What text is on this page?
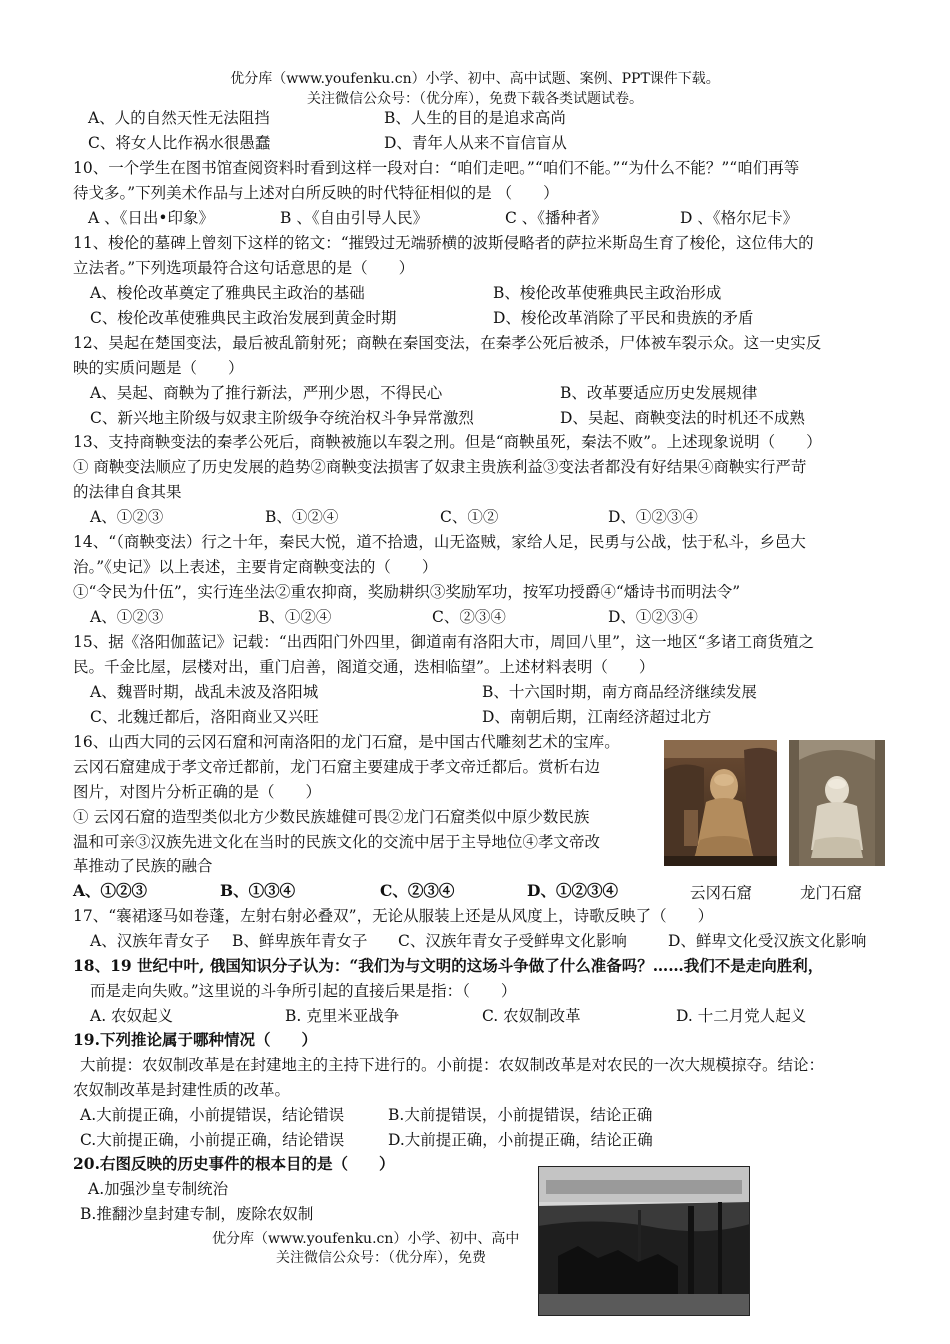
优分库（www.youfenku.cn）小学、初中、高中试题、案例、PPT课件下载。
关注微信公众号：（优分库），免费下载各类试题试卷。
A、人的自然天性无法阻挡	B、人生的目的是追求高尚
C、将女人比作祸水很愚蠢	D、青年人从来不盲信盲从
10、一个学生在图书馆查阅资料时看到这样一段对白：“咱们走吧。”“咱们不能。”“为什么不能？”“咱们再等
待戈多。”下列美术作品与上述对白所反映的时代特征相似的是 （　　）
A 、《日出•印象》	B 、《自由引导人民》	C 、《播种者》	D 、《格尔尼卡》
11、梭伦的墓碑上曾刻下这样的铭文：“摧毁过无端骄横的波斯侵略者的萨拉米斯岛生育了梭伦，这位伟大的
立法者。”下列选项最符合这句话意思的是（　　）
A、梭伦改革奠定了雅典民主政治的基础	B、梭伦改革使雅典民主政治形成
C、梭伦改革使雅典民主政治发展到黄金时期	D、梭伦改革消除了平民和贵族的矛盾
12、吴起在楚国变法，最后被乱箭射死；商鞅在秦国变法，在秦孝公死后被杀，尸体被车裂示众。这一史实反
映的实质问题是（　　）
A、吴起、商鞅为了推行新法，严刑少恩，不得民心	B、改革要适应历史发展规律
C、新兴地主阶级与奴隶主阶级争夺统治权斗争异常激烈	D、吴起、商鞅变法的时机还不成熟
13、支持商鞅变法的秦孝公死后，商鞅被施以车裂之刑。但是“商鞅虽死，秦法不败”。上述现象说明（　　）
① 商鞅变法顺应了历史发展的趋势②商鞅变法损害了奴隶主贵族利益③变法者都没有好结果④商鞅实行严苛
的法律自食其果
A、①②③	B、①②④	C、①②	D、①②③④
14、“（商鞅变法）行之十年，秦民大悦，道不拾遗，山无盗贼，家给人足，民勇与公战，怯于私斗，乡邑大
治。”《史记》以上表述，主要肯定商鞅变法的（　　）
①“令民为什伍”，实行连坐法②重农抑商，奖励耕织③奖励军功，按军功授爵④“燔诗书而明法令”
A、①②③	B、①②④	C、②③④	D、①②③④
15、据《洛阳伽蓝记》记载：“出西阳门外四里，御道南有洛阳大市，周回八里”，这一地区“多诸工商货殖之
民。千金比屋，层楼对出，重门启善，阁道交通，迭相临望”。上述材料表明（　　）
A、魏晋时期，战乱未波及洛阳城	B、十六国时期，南方商品经济继续发展
C、北魏迁都后，洛阳商业又兴旺	D、南朝后期，江南经济超过北方
16、山西大同的云冈石窟和河南洛阳的龙门石窟，是中国古代雕刻艺术的宝库。
云冈石窟建成于孝文帝迁都前，龙门石窟主要建成于孝文帝迁都后。赏析右边
图片，对图片分析正确的是（　　）
① 云冈石窟的造型类似北方少数民族雄健可畏②龙门石窟类似中原少数民族
温和可亲③汉族先进文化在当时的民族文化的交流中居于主导地位④孝文帝改
革推动了民族的融合
A、①②③	B、①③④	C、②③④	D、①②③④	云冈石窟	龙门石窟
17、“褰裙逐马如卷蓬，左射右射必叠双”，无论从服装上还是从风度上，诗歌反映了（　　）
A、汉族年青女子 B、鲜卑族年青女子 C、汉族年青女子受鲜卑文化影响	D、鲜卑文化受汉族文化影响
18、19 世纪中叶, 俄国知识分子认为：“我们为与文明的这场斗争做了什么准备吗？……我们不是走向胜利，
而是走向失败。”这里说的斗争所引起的直接后果是指：（　　）
A. 农奴起义	B. 克里米亚战争	C. 农奴制改革	D. 十二月党人起义
19.下列推论属于哪种情况（　　）
大前提：农奴制改革是在封建地主的主持下进行的。小前提：农奴制改革是对农民的一次大规模掠夺。结论：
农奴制改革是封建性质的改革。
A.大前提正确，小前提错误，结论错误	B.大前提错误，小前提错误，结论正确
C.大前提正确，小前提正确，结论错误	D.大前提正确，小前提正确，结论正确
20.右图反映的历史事件的根本目的是（　　）
A.加强沙皇专制统治
B.推翻沙皇封建专制，废除农奴制
优分库（www.youfenku.cn）小学、初中、高中
关注微信公众号：（优分库），免费
